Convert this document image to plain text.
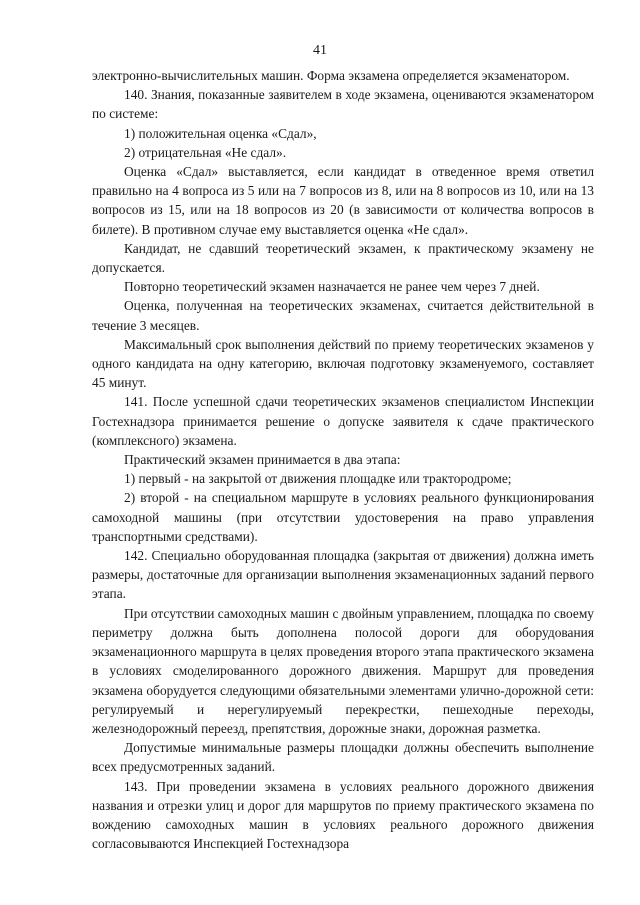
41

электронно-вычислительных машин. Форма экзамена определяется экзаменатором.

140. Знания, показанные заявителем в ходе экзамена, оцениваются экзаменатором по системе:

1) положительная оценка «Сдал»,

2) отрицательная «Не сдал».

Оценка «Сдал» выставляется, если кандидат в отведенное время ответил правильно на 4 вопроса из 5 или на 7 вопросов из 8, или на 8 вопросов из 10, или на 13 вопросов из 15, или на 18 вопросов из 20 (в зависимости от количества вопросов в билете). В противном случае ему выставляется оценка «Не сдал».

Кандидат, не сдавший теоретический экзамен, к практическому экзамену не допускается.

Повторно теоретический экзамен назначается не ранее чем через 7 дней.

Оценка, полученная на теоретических экзаменах, считается действительной в течение 3 месяцев.

Максимальный срок выполнения действий по приему теоретических экзаменов у одного кандидата на одну категорию, включая подготовку экзаменуемого, составляет 45 минут.

141. После успешной сдачи теоретических экзаменов специалистом Инспекции Гостехнадзора принимается решение о допуске заявителя к сдаче практического (комплексного) экзамена.

Практический экзамен принимается в два этапа:

1) первый - на закрытой от движения площадке или трактородроме;

2) второй - на специальном маршруте в условиях реального функционирования самоходной машины (при отсутствии удостоверения на право управления транспортными средствами).

142. Специально оборудованная площадка (закрытая от движения) должна иметь размеры, достаточные для организации выполнения экзаменационных заданий первого этапа.

При отсутствии самоходных машин с двойным управлением, площадка по своему периметру должна быть дополнена полосой дороги для оборудования экзаменационного маршрута в целях проведения второго этапа практического экзамена в условиях смоделированного дорожного движения. Маршрут для проведения экзамена оборудуется следующими обязательными элементами улично-дорожной сети: регулируемый и нерегулируемый перекрестки, пешеходные переходы, железнодорожный переезд, препятствия, дорожные знаки, дорожная разметка.

Допустимые минимальные размеры площадки должны обеспечить выполнение всех предусмотренных заданий.

143. При проведении экзамена в условиях реального дорожного движения названия и отрезки улиц и дорог для маршрутов по приему практического экзамена по вождению самоходных машин в условиях реального дорожного движения согласовываются Инспекцией Гостехнадзора
